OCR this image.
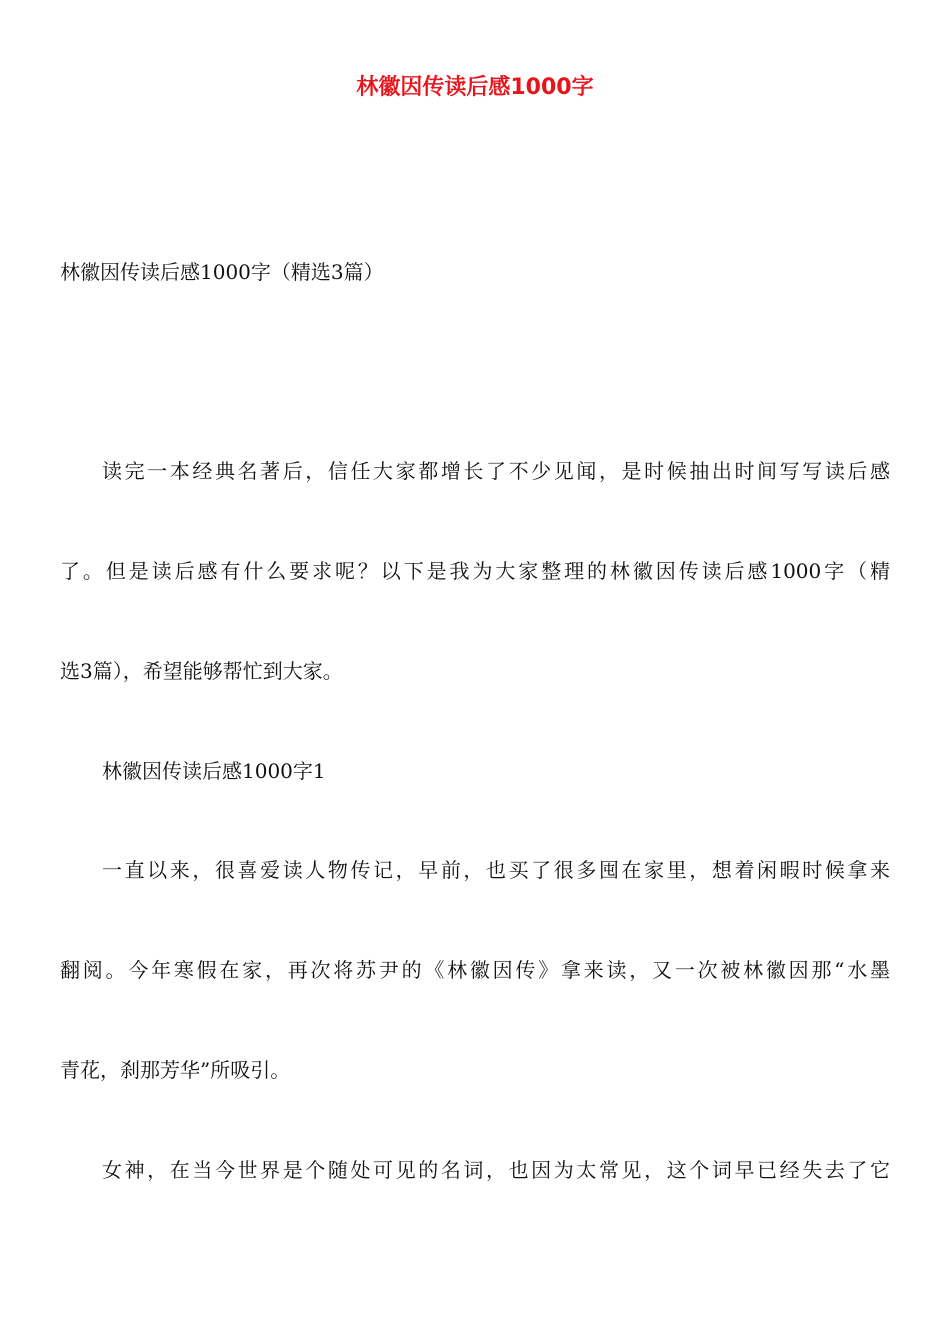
林徽因传读后感1000字

林徽因传读后感1000字（精选3篇）

读完一本经典名著后，信任大家都增长了不少见闻，是时候抽出时间写写读后感

了。但是读后感有什么要求呢？以下是我为大家整理的林徽因传读后感1000字（精

选3篇），希望能够帮忙到大家。

林徽因传读后感1000字1

一直以来，很喜爱读人物传记，早前，也买了很多囤在家里，想着闲暇时候拿来

翻阅。今年寒假在家，再次将苏尹的《林徽因传》拿来读，又一次被林徽因那“水墨

青花，刹那芳华”所吸引。

女神，在当今世界是个随处可见的名词，也因为太常见，这个词早已经失去了它
